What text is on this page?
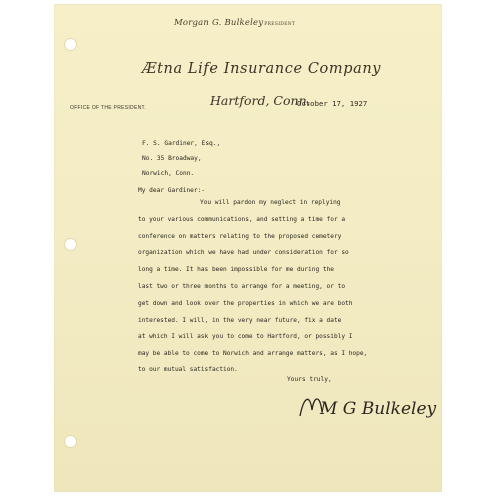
Morgan G. BulkeleyPRESIDENT
Ætna Life Insurance Company
OFFICE OF THE PRESIDENT.	Hartford, Conn.
October 17, 1927
F. S. Gardiner, Esq.,
No. 35 Broadway,
Norwich, Conn.
My dear Gardiner:-
You will pardon my neglect in replying
to your various communications, and setting a time for a
conference on matters relating to the proposed cemetery
organization which we have had under consideration for so
long a time. It has been impossible for me during the
last two or three months to arrange for a meeting, or to
get down and look over the properties in which we are both
interested. I will, in the very near future, fix a date
at which I will ask you to come to Hartford, or possibly I
may be able to come to Norwich and arrange matters, as I hope,
to our mutual satisfaction.
Yours truly,
M G Bulkeley
